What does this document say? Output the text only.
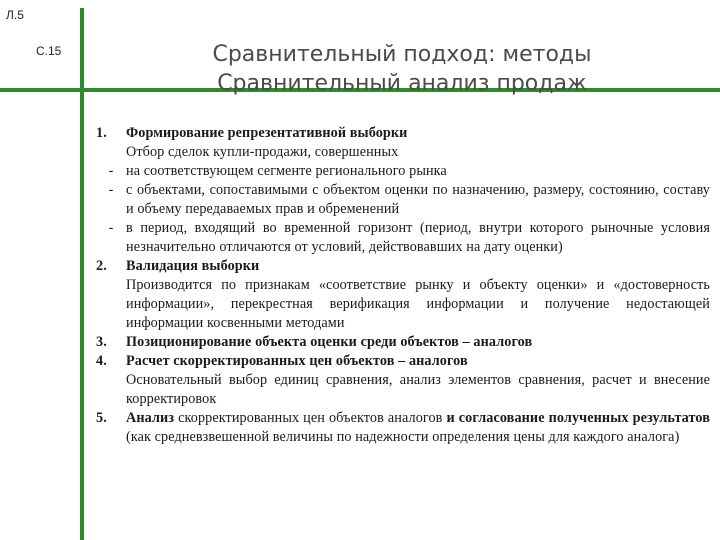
Л.5
С.15	Сравнительный подход: методы
Сравнительный анализ продаж
1.	Формирование репрезентативной выборки
Отбор сделок купли-продажи, совершенных
- на соответствующем сегменте регионального рынка
- с объектами, сопоставимыми с объектом оценки по назначению, размеру, состоянию, составу и объему передаваемых прав и обременений
- в период, входящий во временной горизонт (период, внутри которого рыночные условия незначительно отличаются от условий, действовавших на дату оценки)
2.	Валидация выборки
Производится по признакам «соответствие рынку и объекту оценки» и «достоверность информации», перекрестная верификация информации и получение недостающей информации косвенными методами
3.	Позиционирование объекта оценки среди объектов – аналогов
4.	Расчет скорректированных цен объектов – аналогов
Основательный выбор единиц сравнения, анализ элементов сравнения, расчет и внесение корректировок
5.	Анализ скорректированных цен объектов аналогов и согласование полученных результатов (как средневзвешенной величины по надежности определения цены для каждого аналога)
